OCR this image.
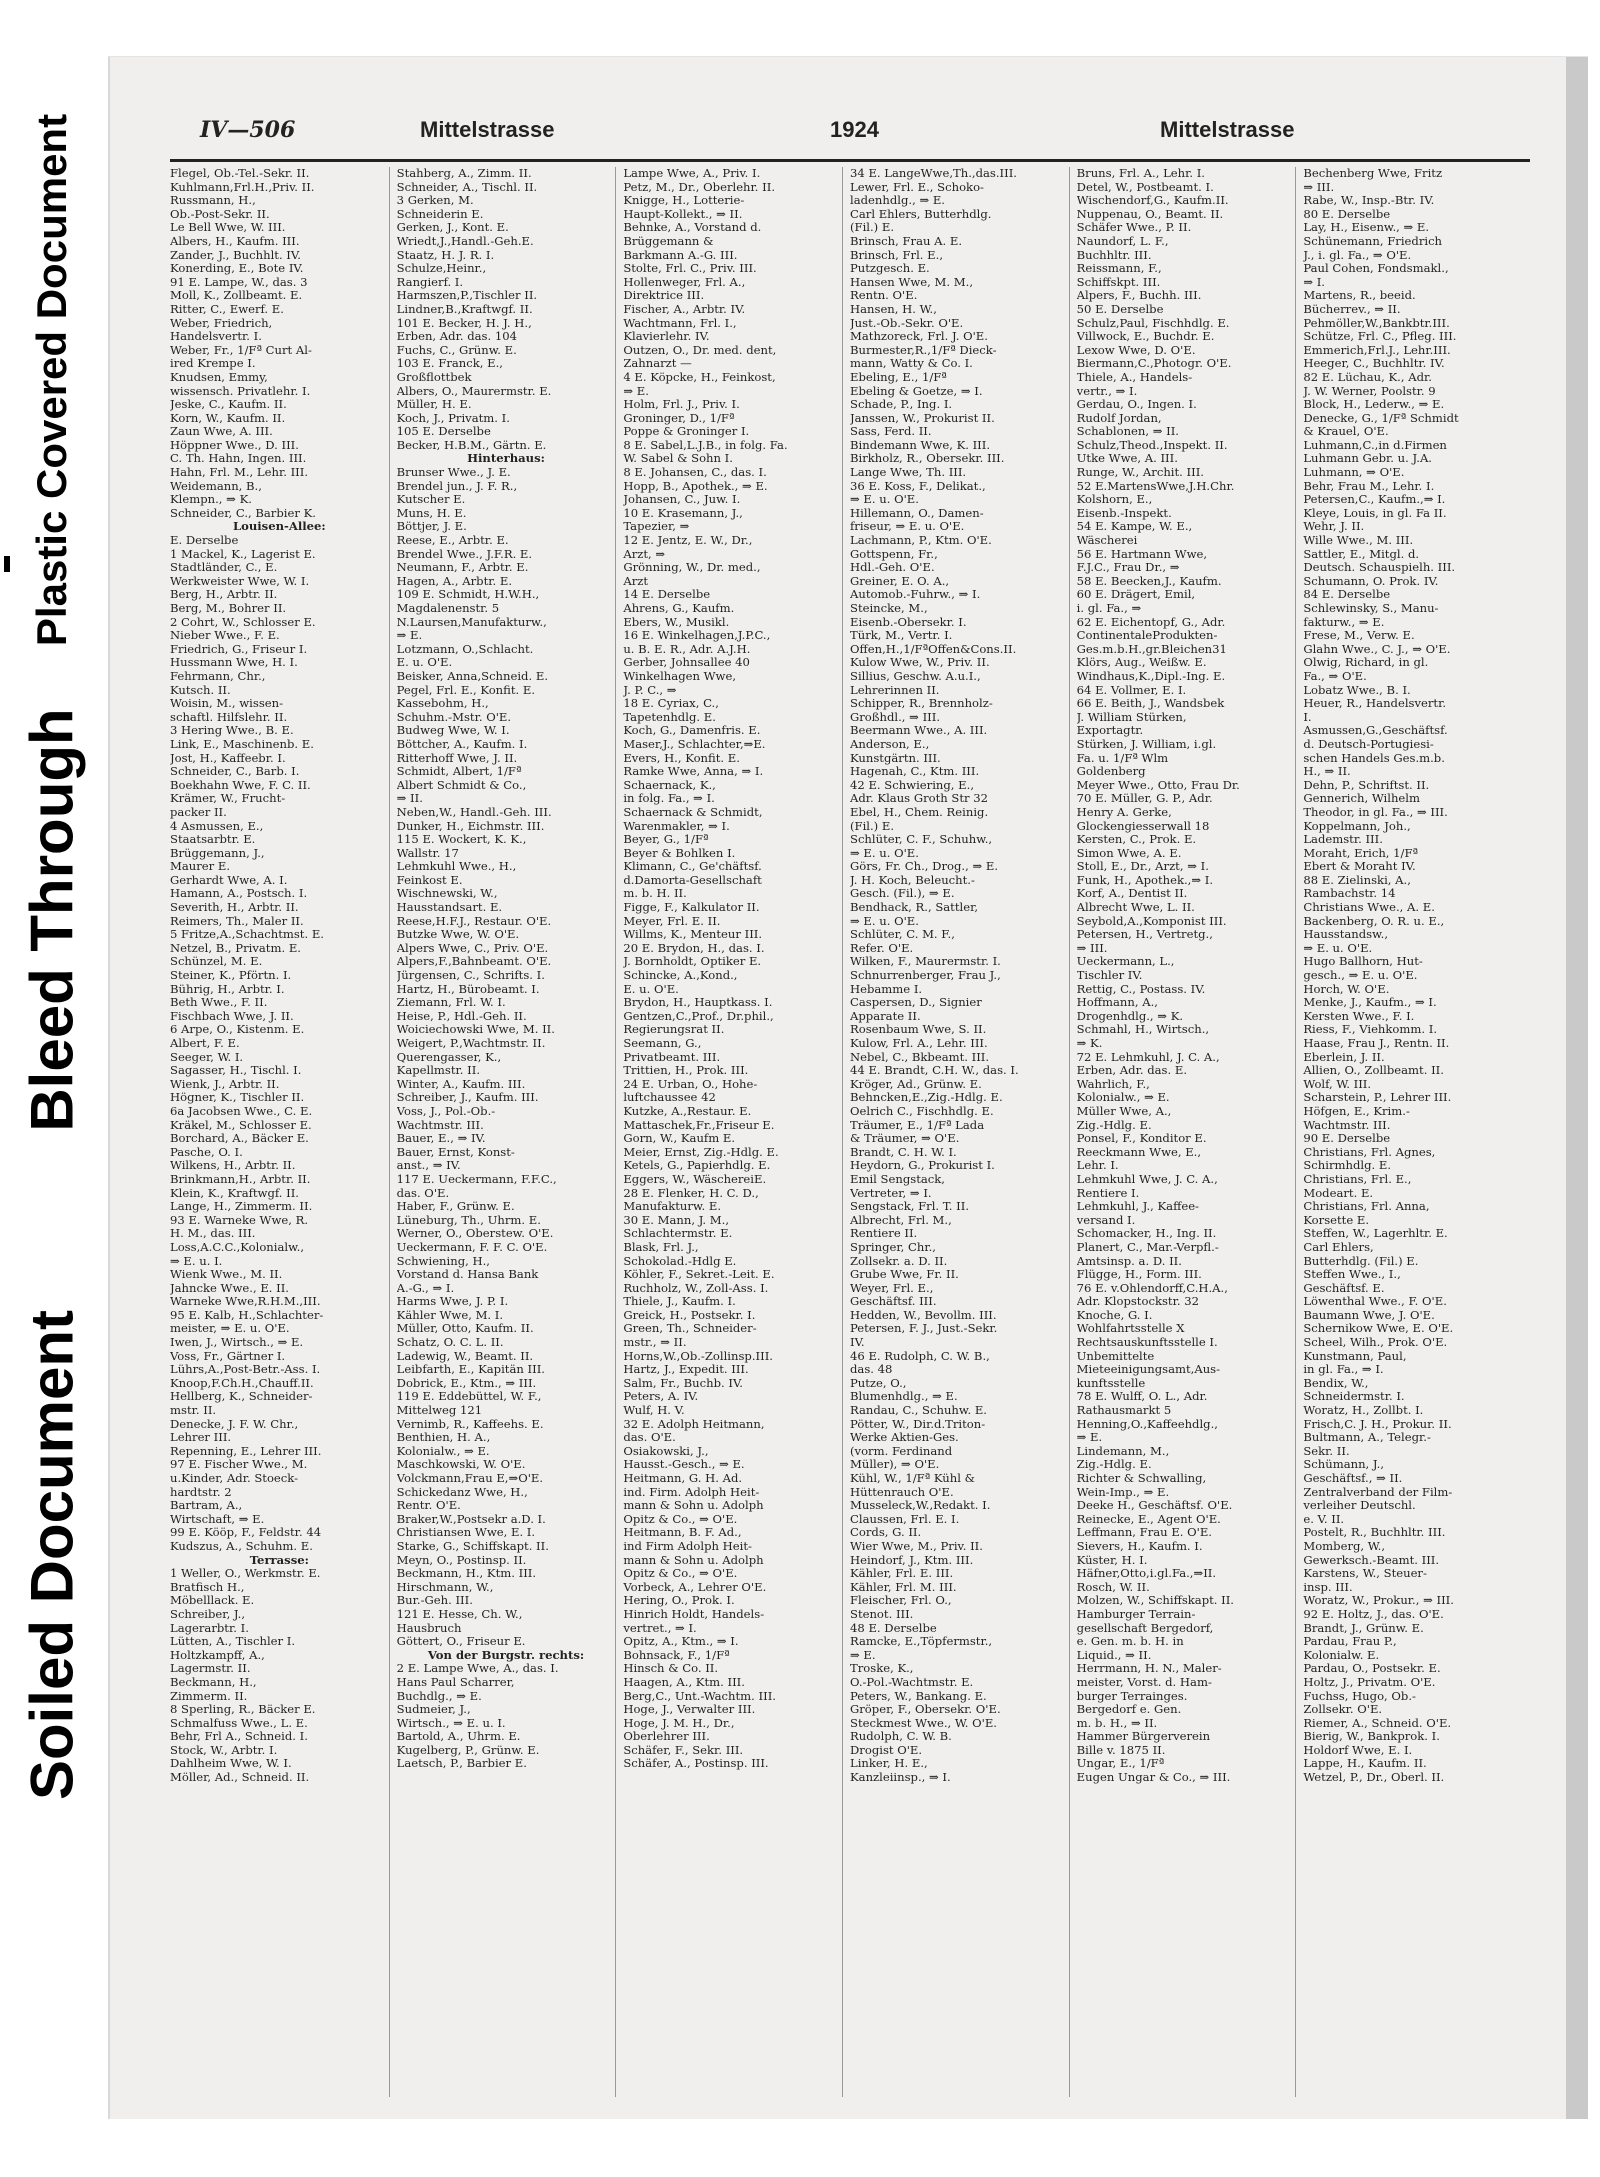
Plastic Covered Document
Bleed Through
Soiled Document
IV—506	Mittelstrasse	1924	Mittelstrasse
Flegel, Ob.-Tel.-Sekr. II.
Kuhlmann,Frl.H.,Priv. II.
Russmann, H.,
Ob.-Post-Sekr. II.
Le Bell Wwe, W. III.
Albers, H., Kaufm. III.
Zander, J., Buchhlt. IV.
Konerding, E., Bote IV.
91 E. Lampe, W., das. 3
Moll, K., Zollbeamt. E.
Ritter, C., Ewerf. E.
Weber, Friedrich,
Handelsvertr. I.
Weber, Fr., 1/Fª Curt Al-
ired Krempe I.
Knudsen, Emmy,
wissensch. Privatlehr. I.
Jeske, C., Kaufm. II.
Korn, W., Kaufm. II.
Zaun Wwe, A. III.
Höppner Wwe., D. III.
C. Th. Hahn, Ingen. III.
Hahn, Frl. M., Lehr. III.
Weidemann, B.,
Klempn., ⇒ K.
Schneider, C., Barbier K.
Louisen-Allee:
E. Derselbe
1 Mackel, K., Lagerist E.
Stadtländer, C., E.
Werkweister Wwe, W. I.
Berg, H., Arbtr. II.
Berg, M., Bohrer II.
2 Cohrt, W., Schlosser E.
Nieber Wwe., F. E.
Friedrich, G., Friseur I.
Hussmann Wwe, H. I.
Fehrmann, Chr.,
Kutsch. II.
Woisin, M., wissen-
schaftl. Hilfslehr. II.
3 Hering Wwe., B. E.
Link, E., Maschinenb. E.
Jost, H., Kaffeebr. I.
Schneider, C., Barb. I.
Boekhahn Wwe, F. C. II.
Krämer, W., Frucht-
packer II.
4 Asmussen, E.,
Staatsarbtr. E.
Brüggemann, J.,
Maurer E.
Gerhardt Wwe, A. I.
Hamann, A., Postsch. I.
Severith, H., Arbtr. II.
Reimers, Th., Maler II.
5 Fritze,A.,Schachtmst. E.
Netzel, B., Privatm. E.
Schünzel, M. E.
Steiner, K., Pförtn. I.
Bührig, H., Arbtr. I.
Beth Wwe., F. II.
Fischbach Wwe, J. II.
6 Arpe, O., Kistenm. E.
Albert, F. E.
Seeger, W. I.
Sagasser, H., Tischl. I.
Wienk, J., Arbtr. II.
Högner, K., Tischler II.
6a Jacobsen Wwe., C. E.
Kräkel, M., Schlosser E.
Borchard, A., Bäcker E.
Pasche, O. I.
Wilkens, H., Arbtr. II.
Brinkmann,H., Arbtr. II.
Klein, K., Kraftwgf. II.
Lange, H., Zimmerm. II.
93 E. Warneke Wwe, R.
H. M., das. III.
Loss,A.C.C.,Kolonialw.,
⇒ E. u. I.
Wienk Wwe., M. II.
Jahncke Wwe., E. II.
Warneke Wwe,R.H.M.,III.
95 E. Kalb, H.,Schlachter-
meister, ⇒ E. u. O'E.
Iwen, J., Wirtsch., ⇒ E.
Voss, Fr., Gärtner I.
Lührs,A.,Post-Betr.-Ass. I.
Knoop,F.Ch.H.,Chauff.II.
Hellberg, K., Schneider-
mstr. II.
Denecke, J. F. W. Chr.,
Lehrer III.
Repenning, E., Lehrer III.
97 E. Fischer Wwe., M.
u.Kinder, Adr. Stoeck-
hardtstr. 2
Bartram, A.,
Wirtschaft, ⇒ E.
99 E. Kööp, F., Feldstr. 44
Kudszus, A., Schuhm. E.
Terrasse:
1 Weller, O., Werkmstr. E.
Bratfisch H.,
Möbelllack. E.
Schreiber, J.,
Lagerarbtr. I.
Lütten, A., Tischler I.
Holtzkampff, A.,
Lagermstr. II.
Beckmann, H.,
Zimmerm. II.
8 Sperling, R., Bäcker E.
Schmalfuss Wwe., L. E.
Behr, Frl A., Schneid. I.
Stock, W., Arbtr. I.
Dahlheim Wwe, W. I.
Möller, Ad., Schneid. II.
Stahberg, A., Zimm. II.
Schneider, A., Tischl. II.
3 Gerken, M.
Schneiderin E.
Gerken, J., Kont. E.
Wriedt,J.,Handl.-Geh.E.
Staatz, H. J. R. I.
Schulze,Heinr.,
Rangierf. I.
Harmszen,P.,Tischler II.
Lindner,B.,Kraftwgf. II.
101 E. Becker, H. J. H.,
Erben, Adr. das. 104
Fuchs, C., Grünw. E.
103 E. Franck, E.,
Großflottbek
Albers, O., Maurermstr. E.
Müller, H. E.
Koch, J., Privatm. I.
105 E. Derselbe
Becker, H.B.M., Gärtn. E.
Hinterhaus:
Brunser Wwe., J. E.
Brendel jun., J. F. R.,
Kutscher E.
Muns, H. E.
Böttjer, J. E.
Reese, E., Arbtr. E.
Brendel Wwe., J.F.R. E.
Neumann, F., Arbtr. E.
Hagen, A., Arbtr. E.
109 E. Schmidt, H.W.H.,
Magdalenenstr. 5
N.Laursen,Manufakturw.,
⇒ E.
Lotzmann, O.,Schlacht.
E. u. O'E.
Beisker, Anna,Schneid. E.
Pegel, Frl. E., Konfit. E.
Kassebohm, H.,
Schuhm.-Mstr. O'E.
Budweg Wwe, W. I.
Böttcher, A., Kaufm. I.
Ritterhoff Wwe, J. II.
Schmidt, Albert, 1/Fª
Albert Schmidt & Co.,
⇒ II.
Neben,W., Handl.-Geh. III.
Dunker, H., Eichmstr. III.
115 E. Wockert, K. K.,
Wallstr. 17
Lehmkuhl Wwe., H.,
Feinkost E.
Wischnewski, W.,
Hausstandsart. E.
Reese,H.F.J., Restaur. O'E.
Butzke Wwe, W. O'E.
Alpers Wwe, C., Priv. O'E.
Alpers,F.,Bahnbeamt. O'E.
Jürgensen, C., Schrifts. I.
Hartz, H., Bürobeamt. I.
Ziemann, Frl. W. I.
Heise, P., Hdl.-Geh. II.
Woiciechowski Wwe, M. II.
Weigert, P.,Wachtmstr. II.
Querengasser, K.,
Kapellmstr. II.
Winter, A., Kaufm. III.
Schreiber, J., Kaufm. III.
Voss, J., Pol.-Ob.-
Wachtmstr. III.
Bauer, E., ⇒ IV.
Bauer, Ernst, Konst-
anst., ⇒ IV.
117 E. Ueckermann, F.F.C.,
das. O'E.
Haber, F., Grünw. E.
Lüneburg, Th., Uhrm. E.
Werner, O., Oberstew. O'E.
Ueckermann, F. F. C. O'E.
Schwiening, H.,
Vorstand d. Hansa Bank
A.-G., ⇒ I.
Harms Wwe, J. P. I.
Kähler Wwe, M. I.
Müller, Otto, Kaufm. II.
Schatz, O. C. L. II.
Ladewig, W., Beamt. II.
Leibfarth, E., Kapitän III.
Dobrick, E., Ktm., ⇒ III.
119 E. Eddebüttel, W. F.,
Mittelweg 121
Vernimb, R., Kaffeehs. E.
Benthien, H. A.,
Kolonialw., ⇒ E.
Maschkowski, W. O'E.
Volckmann,Frau E,⇒O'E.
Schickedanz Wwe, H.,
Rentr. O'E.
Braker,W.,Postsekr a.D. I.
Christiansen Wwe, E. I.
Starke, G., Schiffskapt. II.
Meyn, O., Postinsp. II.
Beckmann, H., Ktm. III.
Hirschmann, W.,
Bur.-Geh. III.
121 E. Hesse, Ch. W.,
Hausbruch
Göttert, O., Friseur E.
Von der Burgstr. rechts:
2 E. Lampe Wwe, A., das. I.
Hans Paul Scharrer,
Buchdlg., ⇒ E.
Sudmeier, J.,
Wirtsch., ⇒ E. u. I.
Bartold, A., Uhrm. E.
Kugelberg, P., Grünw. E.
Laetsch, P., Barbier E.
Lampe Wwe, A., Priv. I.
Petz, M., Dr., Oberlehr. II.
Knigge, H., Lotterie-
Haupt-Kollekt., ⇒ II.
Behnke, A., Vorstand d.
Brüggemann &
Barkmann A.-G. III.
Stolte, Frl. C., Priv. III.
Hollenweger, Frl. A.,
Direktrice III.
Fischer, A., Arbtr. IV.
Wachtmann, Frl. I.,
Klavierlehr. IV.
Outzen, O., Dr. med. dent,
Zahnarzt —
4 E. Köpcke, H., Feinkost,
⇒ E.
Holm, Frl. J., Priv. I.
Groninger, D., 1/Fª
Poppe & Groninger I.
8 E. Sabel,L.J.B., in folg. Fa.
W. Sabel & Sohn I.
8 E. Johansen, C., das. I.
Hopp, B., Apothek., ⇒ E.
Johansen, C., Juw. I.
10 E. Krasemann, J.,
Tapezier, ⇒
12 E. Jentz, E. W., Dr.,
Arzt, ⇒
Grönning, W., Dr. med.,
Arzt
14 E. Derselbe
Ahrens, G., Kaufm.
Ebers, W., Musikl.
16 E. Winkelhagen,J.P.C.,
u. B. E. R., Adr. A.J.H.
Gerber, Johnsallee 40
Winkelhagen Wwe,
J. P. C., ⇒
18 E. Cyriax, C.,
Tapetenhdlg. E.
Koch, G., Damenfris. E.
Maser,J., Schlachter,⇒E.
Evers, H., Konfit. E.
Ramke Wwe, Anna, ⇒ I.
Schaernack, K.,
in folg. Fa., ⇒ I.
Schaernack & Schmidt,
Warenmakler, ⇒ I.
Beyer, G., 1/Fª
Beyer & Bohlken I.
Klimann, C., Ge'chäftsf.
d.Damorta-Gesellschaft
m. b. H. II.
Figge, F., Kalkulator II.
Meyer, Frl. E. II.
Willms, K., Menteur III.
20 E. Brydon, H., das. I.
J. Bornholdt, Optiker E.
Schincke, A.,Kond.,
E. u. O'E.
Brydon, H., Hauptkass. I.
Gentzen,C.,Prof., Dr.phil.,
Regierungsrat II.
Seemann, G.,
Privatbeamt. III.
Trittien, H., Prok. III.
24 E. Urban, O., Hohe-
luftchaussee 42
Kutzke, A.,Restaur. E.
Mattaschek,Fr.,Friseur E.
Gorn, W., Kaufm E.
Meier, Ernst, Zig.-Hdlg. E.
Ketels, G., Papierhdlg. E.
Eggers, W., WäschereiE.
28 E. Flenker, H. C. D.,
Manufakturw. E.
30 E. Mann, J. M.,
Schlachtermstr. E.
Blask, Frl. J.,
Schokolad.-Hdlg E.
Köhler, F., Sekret.-Leit. E.
Ruchholz, W., Zoll-Ass. I.
Thiele, J., Kaufm. I.
Greick, H., Postsekr. I.
Green, Th., Schneider-
mstr., ⇒ II.
Horns,W.,Ob.-Zollinsp.III.
Hartz, J., Expedit. III.
Salm, Fr., Buchb. IV.
Peters, A. IV.
Wulf, H. V.
32 E. Adolph Heitmann,
das. O'E.
Osiakowski, J.,
Hausst.-Gesch., ⇒ E.
Heitmann, G. H. Ad.
ind. Firm. Adolph Heit-
mann & Sohn u. Adolph
Opitz & Co., ⇒ O'E.
Heitmann, B. F. Ad.,
ind Firm Adolph Heit-
mann & Sohn u. Adolph
Opitz & Co., ⇒ O'E.
Vorbeck, A., Lehrer O'E.
Hering, O., Prok. I.
Hinrich Holdt, Handels-
vertret., ⇒ I.
Opitz, A., Ktm., ⇒ I.
Bohnsack, F., 1/Fª
Hinsch & Co. II.
Haagen, A., Ktm. III.
Berg,C., Unt.-Wachtm. III.
Hoge, J., Verwalter III.
Hoge, J. M. H., Dr.,
Oberlehrer III.
Schäfer, F., Sekr. III.
Schäfer, A., Postinsp. III.
34 E. LangeWwe,Th.,das.III.
Lewer, Frl. E., Schoko-
ladenhdlg., ⇒ E.
Carl Ehlers, Butterhdlg.
(Fil.) E.
Brinsch, Frau A. E.
Brinsch, Frl. E.,
Putzgesch. E.
Hansen Wwe, M. M.,
Rentn. O'E.
Hansen, H. W.,
Just.-Ob.-Sekr. O'E.
Mathzoreck, Frl. J. O'E.
Burmester,R.,1/Fª Dieck-
mann, Watty & Co. I.
Ebeling, E., 1/Fª
Ebeling & Goetze, ⇒ I.
Schade, P., Ing. I.
Janssen, W., Prokurist II.
Sass, Ferd. II.
Bindemann Wwe, K. III.
Birkholz, R., Obersekr. III.
Lange Wwe, Th. III.
36 E. Koss, F., Delikat.,
⇒ E. u. O'E.
Hillemann, O., Damen-
friseur, ⇒ E. u. O'E.
Lachmann, P., Ktm. O'E.
Gottspenn, Fr.,
Hdl.-Geh. O'E.
Greiner, E. O. A.,
Automob.-Fuhrw., ⇒ I.
Steincke, M.,
Eisenb.-Obersekr. I.
Türk, M., Vertr. I.
Offen,H.,1/FªOffen&Cons.II.
Kulow Wwe, W., Priv. II.
Sillius, Geschw. A.u.I.,
Lehrerinnen II.
Schipper, R., Brennholz-
Großhdl., ⇒ III.
Beermann Wwe., A. III.
Anderson, E.,
Kunstgärtn. III.
Hagenah, C., Ktm. III.
42 E. Schwiering, E.,
Adr. Klaus Groth Str 32
Ebel, H., Chem. Reinig.
(Fil.) E.
Schlüter, C. F., Schuhw.,
⇒ E. u. O'E.
Görs, Fr. Ch., Drog., ⇒ E.
J. H. Koch, Beleucht.-
Gesch. (Fil.), ⇒ E.
Bendhack, R., Sattler,
⇒ E. u. O'E.
Schlüter, C. M. F.,
Refer. O'E.
Wilken, F., Maurermstr. I.
Schnurrenberger, Frau J.,
Hebamme I.
Caspersen, D., Signier
Apparate II.
Rosenbaum Wwe, S. II.
Kulow, Frl. A., Lehr. III.
Nebel, C., Bkbeamt. III.
44 E. Brandt, C.H. W., das. I.
Kröger, Ad., Grünw. E.
Behncken,E.,Zig.-Hdlg. E.
Oelrich C., Fischhdlg. E.
Träumer, E., 1/Fª Lada
& Träumer, ⇒ O'E.
Brandt, C. H. W. I.
Heydorn, G., Prokurist I.
Emil Sengstack,
Vertreter, ⇒ I.
Sengstack, Frl. T. II.
Albrecht, Frl. M.,
Rentiere II.
Springer, Chr.,
Zollsekr. a. D. II.
Grube Wwe, Fr. II.
Weyer, Frl. E.,
Geschäftsf. III.
Hedden, W., Bevollm. III.
Petersen, F. J., Just.-Sekr.
IV.
46 E. Rudolph, C. W. B.,
das. 48
Putze, O.,
Blumenhdlg., ⇒ E.
Randau, C., Schuhw. E.
Pötter, W., Dir.d.Triton-
Werke Aktien-Ges.
(vorm. Ferdinand
Müller), ⇒ O'E.
Kühl, W., 1/Fª Kühl &
Hüttenrauch O'E.
Musseleck,W.,Redakt. I.
Claussen, Frl. E. I.
Cords, G. II.
Wier Wwe, M., Priv. II.
Heindorf, J., Ktm. III.
Kähler, Frl. E. III.
Kähler, Frl. M. III.
Fleischer, Frl. O.,
Stenot. III.
48 E. Derselbe
Ramcke, E.,Töpfermstr.,
⇒ E.
Troske, K.,
O.-Pol.-Wachtmstr. E.
Peters, W., Bankang. E.
Gröper, F., Obersekr. O'E.
Steckmest Wwe., W. O'E.
Rudolph, C. W. B.
Drogist O'E.
Linker, H. E.,
Kanzleiinsp., ⇒ I.
Bruns, Frl. A., Lehr. I.
Detel, W., Postbeamt. I.
Wischendorf,G., Kaufm.II.
Nuppenau, O., Beamt. II.
Schäfer Wwe., P. II.
Naundorf, L. F.,
Buchhltr. III.
Reissmann, F.,
Schiffskpt. III.
Alpers, F., Buchh. III.
50 E. Derselbe
Schulz,Paul, Fischhdlg. E.
Villwock, E., Buchdr. E.
Lexow Wwe, D. O'E.
Biermann,C.,Photogr. O'E.
Thiele, A., Handels-
vertr., ⇒ I.
Gerdau, O., Ingen. I.
Rudolf Jordan,
Schablonen, ⇒ II.
Schulz,Theod.,Inspekt. II.
Utke Wwe, A. III.
Runge, W., Archit. III.
52 E.MartensWwe,J.H.Chr.
Kolshorn, E.,
Eisenb.-Inspekt.
54 E. Kampe, W. E.,
Wäscherei
56 E. Hartmann Wwe,
F.J.C., Frau Dr., ⇒
58 E. Beecken,J., Kaufm.
60 E. Drägert, Emil,
i. gl. Fa., ⇒
62 E. Eichentopf, G., Adr.
ContinentaleProdukten-
Ges.m.b.H.,gr.Bleichen31
Klörs, Aug., Weißw. E.
Windhaus,K.,Dipl.-Ing. E.
64 E. Vollmer, E. I.
66 E. Beith, J., Wandsbek
J. William Stürken,
Exportagtr.
Stürken, J. William, i.gl.
Fa. u. 1/Fª Wlm
Goldenberg
Meyer Wwe., Otto, Frau Dr.
70 E. Müller, G. P., Adr.
Henry A. Gerke,
Glockengiesserwall 18
Kersten, C., Prok. E.
Simon Wwe, A. E.
Stoll, E., Dr., Arzt, ⇒ I.
Funk, H., Apothek.,⇒ I.
Korf, A., Dentist II.
Albrecht Wwe, L. II.
Seybold,A.,Komponist III.
Petersen, H., Vertretg.,
⇒ III.
Ueckermann, L.,
Tischler IV.
Rettig, C., Postass. IV.
Hoffmann, A.,
Drogenhdlg., ⇒ K.
Schmahl, H., Wirtsch.,
⇒ K.
72 E. Lehmkuhl, J. C. A.,
Erben, Adr. das. E.
Wahrlich, F.,
Kolonialw., ⇒ E.
Müller Wwe, A.,
Zig.-Hdlg. E.
Ponsel, F., Konditor E.
Reeckmann Wwe, E.,
Lehr. I.
Lehmkuhl Wwe, J. C. A.,
Rentiere I.
Lehmkuhl, J., Kaffee-
versand I.
Schomacker, H., Ing. II.
Planert, C., Mar.-Verpfl.-
Amtsinsp. a. D. II.
Flügge, H., Form. III.
76 E. v.Ohlendorff,C.H.A.,
Adr. Klopstockstr. 32
Knoche, G. I.
Wohlfahrtsstelle X
Rechtsauskunftsstelle I.
Unbemittelte
Mieteeinigungsamt,Aus-
kunftsstelle
78 E. Wulff, O. L., Adr.
Rathausmarkt 5
Henning,O.,Kaffeehdlg.,
⇒ E.
Lindemann, M.,
Zig.-Hdlg. E.
Richter & Schwalling,
Wein-Imp., ⇒ E.
Deeke H., Geschäftsf. O'E.
Reinecke, E., Agent O'E.
Leffmann, Frau E. O'E.
Sievers, H., Kaufm. I.
Küster, H. I.
Häfner,Otto,i.gl.Fa.,⇒II.
Rosch, W. II.
Molzen, W., Schiffskapt. II.
Hamburger Terrain-
gesellschaft Bergedorf,
e. Gen. m. b. H. in
Liquid., ⇒ II.
Herrmann, H. N., Maler-
meister, Vorst. d. Ham-
burger Terrainges.
Bergedorf e. Gen.
m. b. H., ⇒ II.
Hammer Bürgerverein
Bille v. 1875 II.
Ungar, E., 1/Fª
Eugen Ungar & Co., ⇒ III.
Bechenberg Wwe, Fritz
⇒ III.
Rabe, W., Insp.-Btr. IV.
80 E. Derselbe
Lay, H., Eisenw., ⇒ E.
Schünemann, Friedrich
J., i. gl. Fa., ⇒ O'E.
Paul Cohen, Fondsmakl.,
⇒ I.
Martens, R., beeid.
Bücherrev., ⇒ II.
Pehmöller,W.,Bankbtr.III.
Schütze, Frl. C., Pfleg. III.
Emmerich,Frl.J., Lehr.III.
Heeger, C., Buchhltr. IV.
82 E. Lüchau, K., Adr.
J. W. Werner, Poolstr. 9
Block, H., Lederw., ⇒ E.
Denecke, G., 1/Fª Schmidt
& Krauel, O'E.
Luhmann,C.,in d.Firmen
Luhmann Gebr. u. J.A.
Luhmann, ⇒ O'E.
Behr, Frau M., Lehr. I.
Petersen,C., Kaufm.,⇒ I.
Kleye, Louis, in gl. Fa II.
Wehr, J. II.
Wille Wwe., M. III.
Sattler, E., Mitgl. d.
Deutsch. Schauspielh. III.
Schumann, O. Prok. IV.
84 E. Derselbe
Schlewinsky, S., Manu-
fakturw., ⇒ E.
Frese, M., Verw. E.
Glahn Wwe., C. J., ⇒ O'E.
Olwig, Richard, in gl.
Fa., ⇒ O'E.
Lobatz Wwe., B. I.
Heuer, R., Handelsvertr.
I.
Asmussen,G.,Geschäftsf.
d. Deutsch-Portugiesi-
schen Handels Ges.m.b.
H., ⇒ II.
Dehn, P., Schriftst. II.
Gennerich, Wilhelm
Theodor, in gl. Fa., ⇒ III.
Koppelmann, Joh.,
Lademstr. III.
Moraht, Erich, 1/Fª
Ebert & Moraht IV.
88 E. Zielinski, A.,
Rambachstr. 14
Christians Wwe., A. E.
Backenberg, O. R. u. E.,
Hausstandsw.,
⇒ E. u. O'E.
Hugo Ballhorn, Hut-
gesch., ⇒ E. u. O'E.
Horch, W. O'E.
Menke, J., Kaufm., ⇒ I.
Kersten Wwe., F. I.
Riess, F., Viehkomm. I.
Haase, Frau J., Rentn. II.
Eberlein, J. II.
Allien, O., Zollbeamt. II.
Wolf, W. III.
Scharstein, P., Lehrer III.
Höfgen, E., Krim.-
Wachtmstr. III.
90 E. Derselbe
Christians, Frl. Agnes,
Schirmhdlg. E.
Christians, Frl. E.,
Modeart. E.
Christians, Frl. Anna,
Korsette E.
Steffen, W., Lagerhltr. E.
Carl Ehlers,
Butterhdlg. (Fil.) E.
Steffen Wwe., I.,
Geschäftsf. E.
Löwenthal Wwe., F. O'E.
Baumann Wwe, J. O'E.
Schernikow Wwe, E. O'E.
Scheel, Wilh., Prok. O'E.
Kunstmann, Paul,
in gl. Fa., ⇒ I.
Bendix, W.,
Schneidermstr. I.
Woratz, H., Zollbt. I.
Frisch,C. J. H., Prokur. II.
Bultmann, A., Telegr.-
Sekr. II.
Schümann, J.,
Geschäftsf., ⇒ II.
Zentralverband der Film-
verleiher Deutschl.
e. V. II.
Postelt, R., Buchhltr. III.
Momberg, W.,
Gewerksch.-Beamt. III.
Karstens, W., Steuer-
insp. III.
Woratz, W., Prokur., ⇒ III.
92 E. Holtz, J., das. O'E.
Brandt, J., Grünw. E.
Pardau, Frau P.,
Kolonialw. E.
Pardau, O., Postsekr. E.
Holtz, J., Privatm. O'E.
Fuchss, Hugo, Ob.-
Zollsekr. O'E.
Riemer, A., Schneid. O'E.
Bierig, W., Bankprok. I.
Holdorf Wwe, E. I.
Lappe, H., Kaufm. II.
Wetzel, P., Dr., Oberl. II.
